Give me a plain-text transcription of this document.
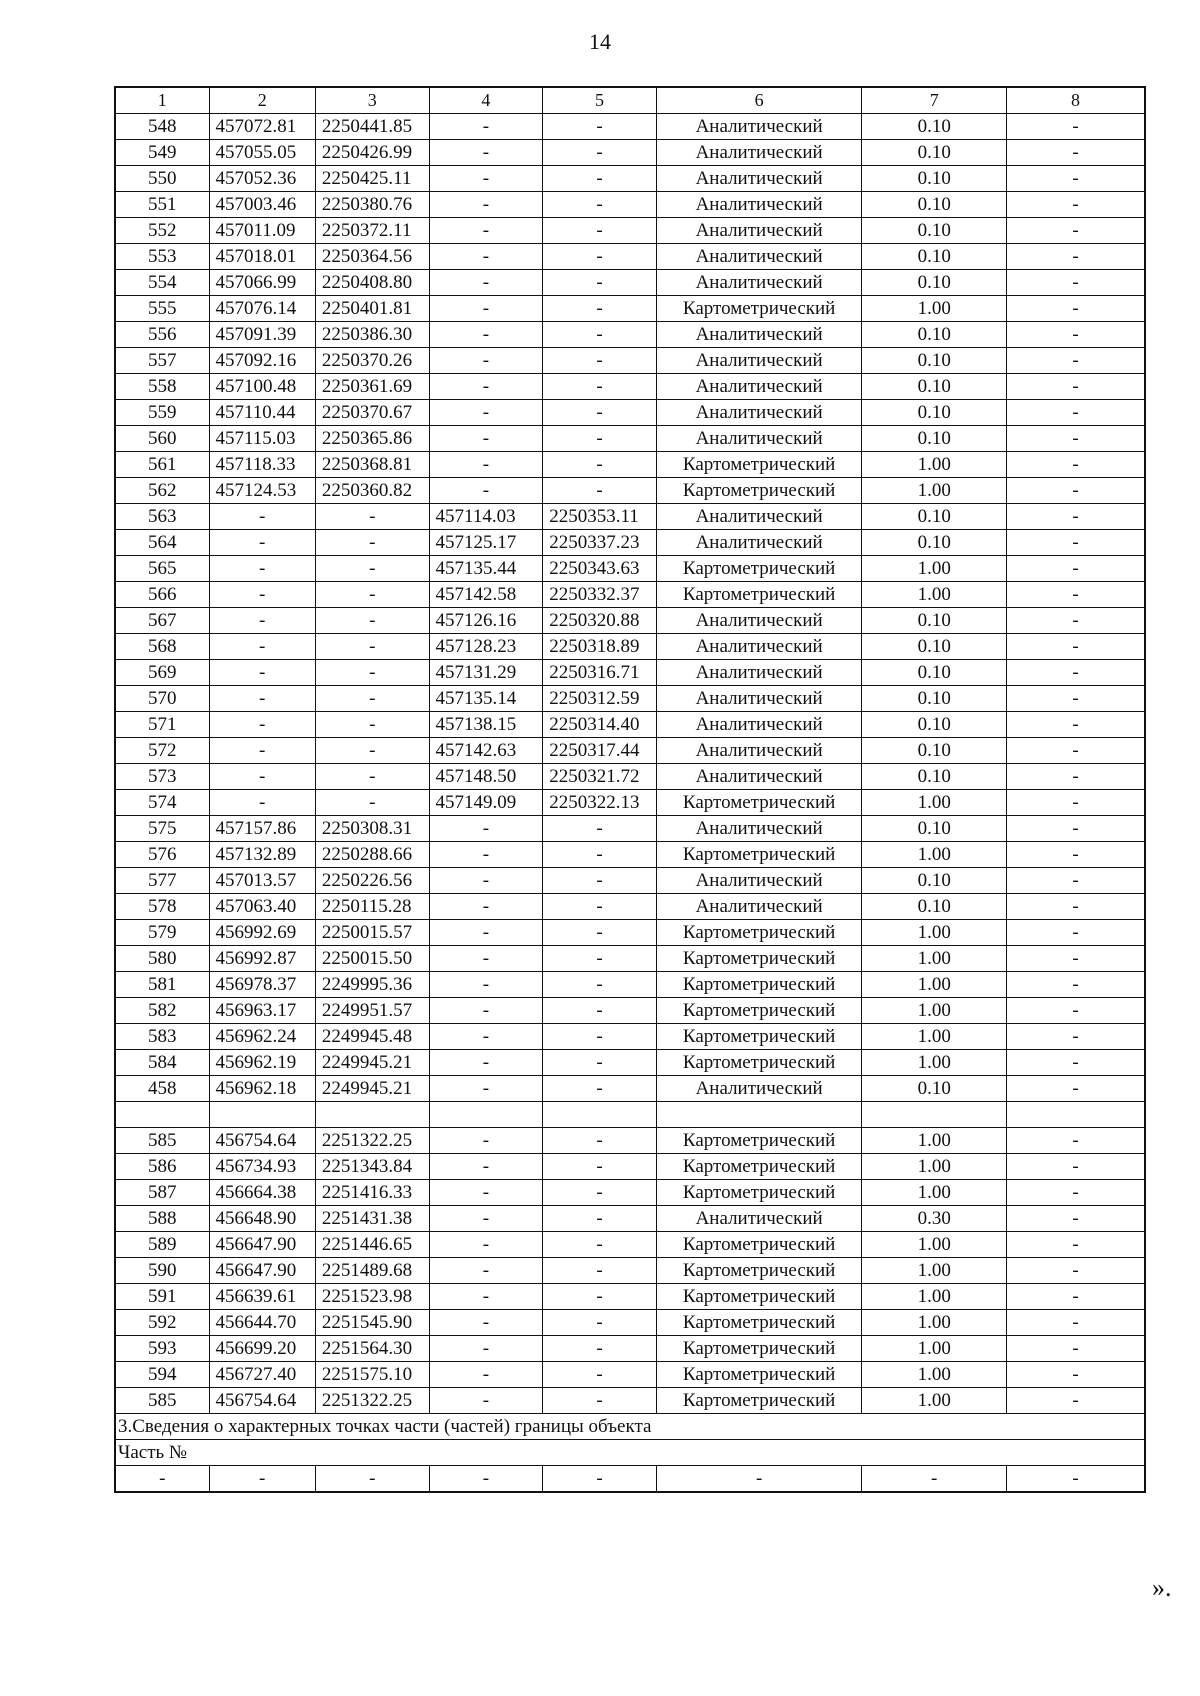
14
1	2	3	4	5	6	7	8
548	457072.81	2250441.85	-	-	Аналитический	0.10	-
549	457055.05	2250426.99	-	-	Аналитический	0.10	-
550	457052.36	2250425.11	-	-	Аналитический	0.10	-
551	457003.46	2250380.76	-	-	Аналитический	0.10	-
552	457011.09	2250372.11	-	-	Аналитический	0.10	-
553	457018.01	2250364.56	-	-	Аналитический	0.10	-
554	457066.99	2250408.80	-	-	Аналитический	0.10	-
555	457076.14	2250401.81	-	-	Картометрический	1.00	-
556	457091.39	2250386.30	-	-	Аналитический	0.10	-
557	457092.16	2250370.26	-	-	Аналитический	0.10	-
558	457100.48	2250361.69	-	-	Аналитический	0.10	-
559	457110.44	2250370.67	-	-	Аналитический	0.10	-
560	457115.03	2250365.86	-	-	Аналитический	0.10	-
561	457118.33	2250368.81	-	-	Картометрический	1.00	-
562	457124.53	2250360.82	-	-	Картометрический	1.00	-
563	-	-	457114.03	2250353.11	Аналитический	0.10	-
564	-	-	457125.17	2250337.23	Аналитический	0.10	-
565	-	-	457135.44	2250343.63	Картометрический	1.00	-
566	-	-	457142.58	2250332.37	Картометрический	1.00	-
567	-	-	457126.16	2250320.88	Аналитический	0.10	-
568	-	-	457128.23	2250318.89	Аналитический	0.10	-
569	-	-	457131.29	2250316.71	Аналитический	0.10	-
570	-	-	457135.14	2250312.59	Аналитический	0.10	-
571	-	-	457138.15	2250314.40	Аналитический	0.10	-
572	-	-	457142.63	2250317.44	Аналитический	0.10	-
573	-	-	457148.50	2250321.72	Аналитический	0.10	-
574	-	-	457149.09	2250322.13	Картометрический	1.00	-
575	457157.86	2250308.31	-	-	Аналитический	0.10	-
576	457132.89	2250288.66	-	-	Картометрический	1.00	-
577	457013.57	2250226.56	-	-	Аналитический	0.10	-
578	457063.40	2250115.28	-	-	Аналитический	0.10	-
579	456992.69	2250015.57	-	-	Картометрический	1.00	-
580	456992.87	2250015.50	-	-	Картометрический	1.00	-
581	456978.37	2249995.36	-	-	Картометрический	1.00	-
582	456963.17	2249951.57	-	-	Картометрический	1.00	-
583	456962.24	2249945.48	-	-	Картометрический	1.00	-
584	456962.19	2249945.21	-	-	Картометрический	1.00	-
458	456962.18	2249945.21	-	-	Аналитический	0.10	-

585	456754.64	2251322.25	-	-	Картометрический	1.00	-
586	456734.93	2251343.84	-	-	Картометрический	1.00	-
587	456664.38	2251416.33	-	-	Картометрический	1.00	-
588	456648.90	2251431.38	-	-	Аналитический	0.30	-
589	456647.90	2251446.65	-	-	Картометрический	1.00	-
590	456647.90	2251489.68	-	-	Картометрический	1.00	-
591	456639.61	2251523.98	-	-	Картометрический	1.00	-
592	456644.70	2251545.90	-	-	Картометрический	1.00	-
593	456699.20	2251564.30	-	-	Картометрический	1.00	-
594	456727.40	2251575.10	-	-	Картометрический	1.00	-
585	456754.64	2251322.25	-	-	Картометрический	1.00	-
3.Сведения о характерных точках части (частей) границы объекта							
Часть №							
-	-	-	-	-	-	-	-
».
